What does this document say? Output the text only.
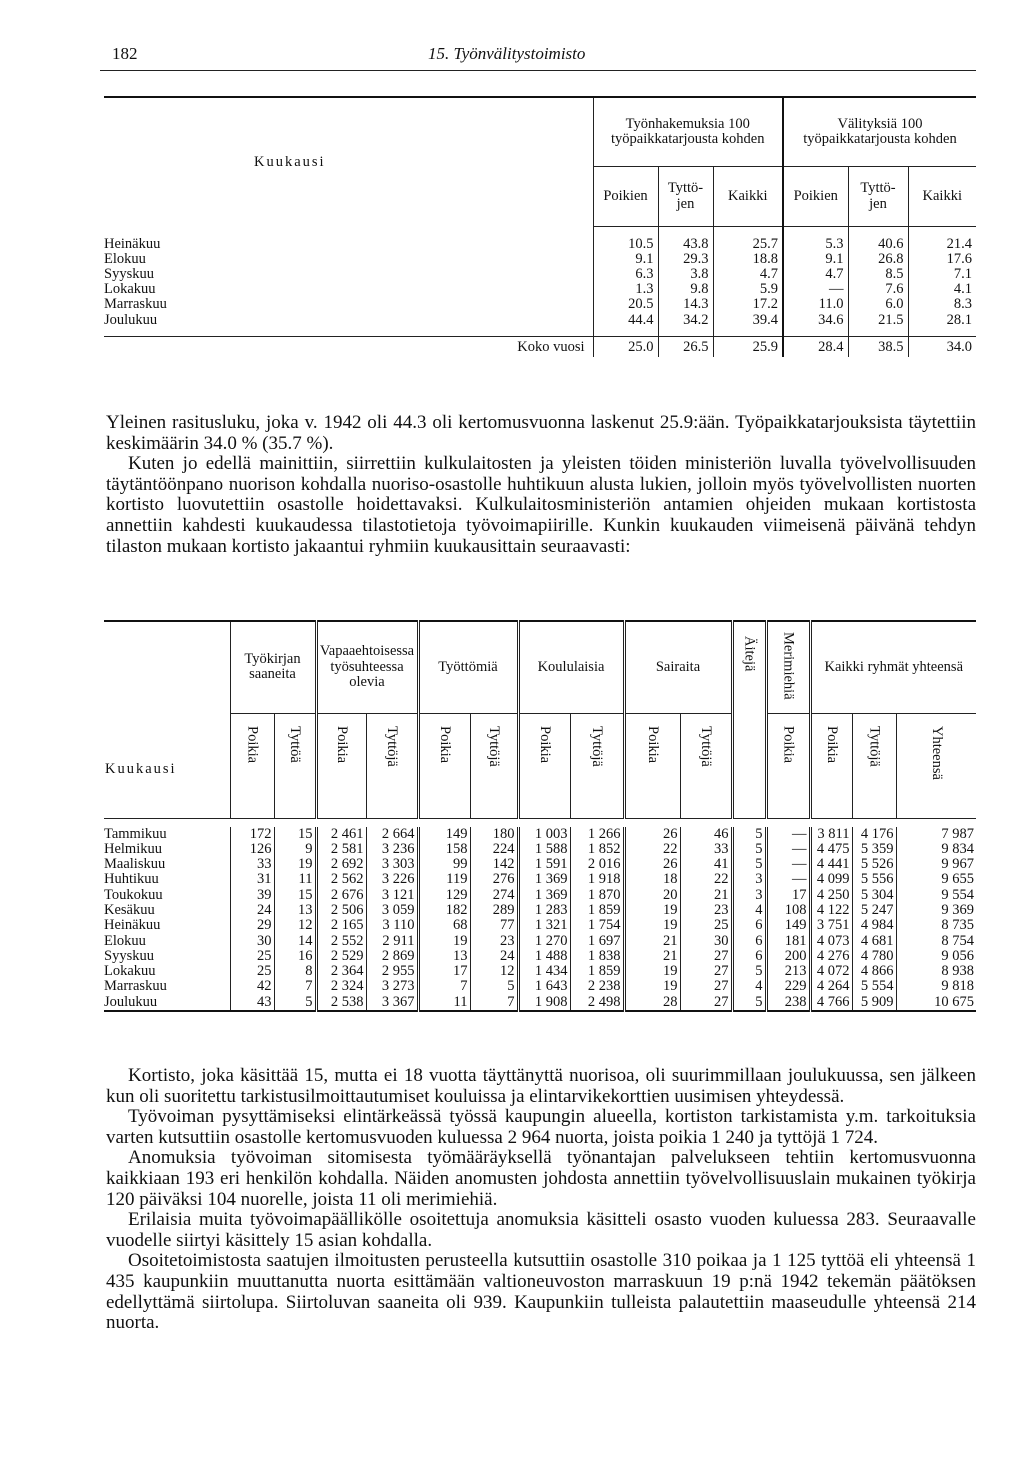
182	15. Työnvälitystoimisto
Kuukausi	Työnhakemuksia 100 työpaikkatarjousta kohden			Välityksiä 100 työpaikkatarjousta kohden		
	Poikien	Tyttö- jen	Kaikki	Poikien	Tyttö- jen	Kaikki

Heinäkuu	10.5	43.8	25.7	5.3	40.6	21.4
Elokuu	9.1	29.3	18.8	9.1	26.8	17.6
Syyskuu	6.3	3.8	4.7	4.7	8.5	7.1
Lokakuu	1.3	9.8	5.9	—	7.6	4.1
Marraskuu	20.5	14.3	17.2	11.0	6.0	8.3
Joulukuu	44.4	34.2	39.4	34.6	21.5	28.1

Koko vuosi	25.0	26.5	25.9	28.4	38.5	34.0

Yleinen rasitusluku, joka v. 1942 oli 44.3 oli kertomusvuonna laskenut 25.9:ään. Työpaikkatarjouksista täytettiin keskimäärin 34.0 % (35.7 %).

Kuten jo edellä mainittiin, siirrettiin kulkulaitosten ja yleisten töiden ministeriön luvalla työvelvollisuuden täytäntöönpano nuorison kohdalla nuoriso-osastolle huhtikuun alusta lukien, jolloin myös työvelvollisten nuorten kortisto luovutettiin osastolle hoidettavaksi. Kulkulaitosministeriön antamien ohjeiden mukaan kortistosta annettiin kahdesti kuukaudessa tilastotietoja työvoimapiirille. Kunkin kuukauden viimeisenä päivänä tehdyn tilaston mukaan kortisto jakaantui ryhmiin kuukausittain seuraavasti:

Kuukausi	Työkirjan saaneita		Vapaaehtoisessa työsuhteessa olevia		Työttömiä		Koululaisia		Sairaita		Äitejä	Merimiehiä	Kaikki ryhmät yhteensä		
	Poikia	Tyttöä	Poikia	Tyttöjä	Poikia	Tyttöjä	Poikia	Tyttöjä	Poikia	Tyttöjä		Poikia	Poikia	Tyttöjä	Yhteensä

Tammikuu	172	15	2 461	2 664	149	180	1 003	1 266	26	46	5	—	3 811	4 176	7 987
Helmikuu	126	9	2 581	3 236	158	224	1 588	1 852	22	33	5	—	4 475	5 359	9 834
Maaliskuu	33	19	2 692	3 303	99	142	1 591	2 016	26	41	5	—	4 441	5 526	9 967
Huhtikuu	31	11	2 562	3 226	119	276	1 369	1 918	18	22	3	—	4 099	5 556	9 655
Toukokuu	39	15	2 676	3 121	129	274	1 369	1 870	20	21	3	17	4 250	5 304	9 554
Kesäkuu	24	13	2 506	3 059	182	289	1 283	1 859	19	23	4	108	4 122	5 247	9 369
Heinäkuu	29	12	2 165	3 110	68	77	1 321	1 754	19	25	6	149	3 751	4 984	8 735
Elokuu	30	14	2 552	2 911	19	23	1 270	1 697	21	30	6	181	4 073	4 681	8 754
Syyskuu	25	16	2 529	2 869	13	24	1 488	1 838	21	27	6	200	4 276	4 780	9 056
Lokakuu	25	8	2 364	2 955	17	12	1 434	1 859	19	27	5	213	4 072	4 866	8 938
Marraskuu	42	7	2 324	3 273	7	5	1 643	2 238	19	27	4	229	4 264	5 554	9 818
Joulukuu	43	5	2 538	3 367	11	7	1 908	2 498	28	27	5	238	4 766	5 909	10 675

Kortisto, joka käsittää 15, mutta ei 18 vuotta täyttänyttä nuorisoa, oli suurimmillaan joulukuussa, sen jälkeen kun oli suoritettu tarkistusilmoittautumiset kouluissa ja elintarvikekorttien uusimisen yhteydessä.

Työvoiman pysyttämiseksi elintärkeässä työssä kaupungin alueella, kortiston tarkistamista y.m. tarkoituksia varten kutsuttiin osastolle kertomusvuoden kuluessa 2 964 nuorta, joista poikia 1 240 ja tyttöjä 1 724.

Anomuksia työvoiman sitomisesta työmääräyksellä työnantajan palvelukseen tehtiin kertomusvuonna kaikkiaan 193 eri henkilön kohdalla. Näiden anomusten johdosta annettiin työvelvollisuuslain mukainen työkirja 120 päiväksi 104 nuorelle, joista 11 oli merimiehiä.

Erilaisia muita työvoimapäällikölle osoitettuja anomuksia käsitteli osasto vuoden kuluessa 283. Seuraavalle vuodelle siirtyi käsittely 15 asian kohdalla.

Osoitetoimistosta saatujen ilmoitusten perusteella kutsuttiin osastolle 310 poikaa ja 1 125 tyttöä eli yhteensä 1 435 kaupunkiin muuttanutta nuorta esittämään valtioneuvoston marraskuun 19 p:nä 1942 tekemän päätöksen edellyttämä siirtolupa. Siirtoluvan saaneita oli 939. Kaupunkiin tulleista palautettiin maaseudulle yhteensä 214 nuorta.
